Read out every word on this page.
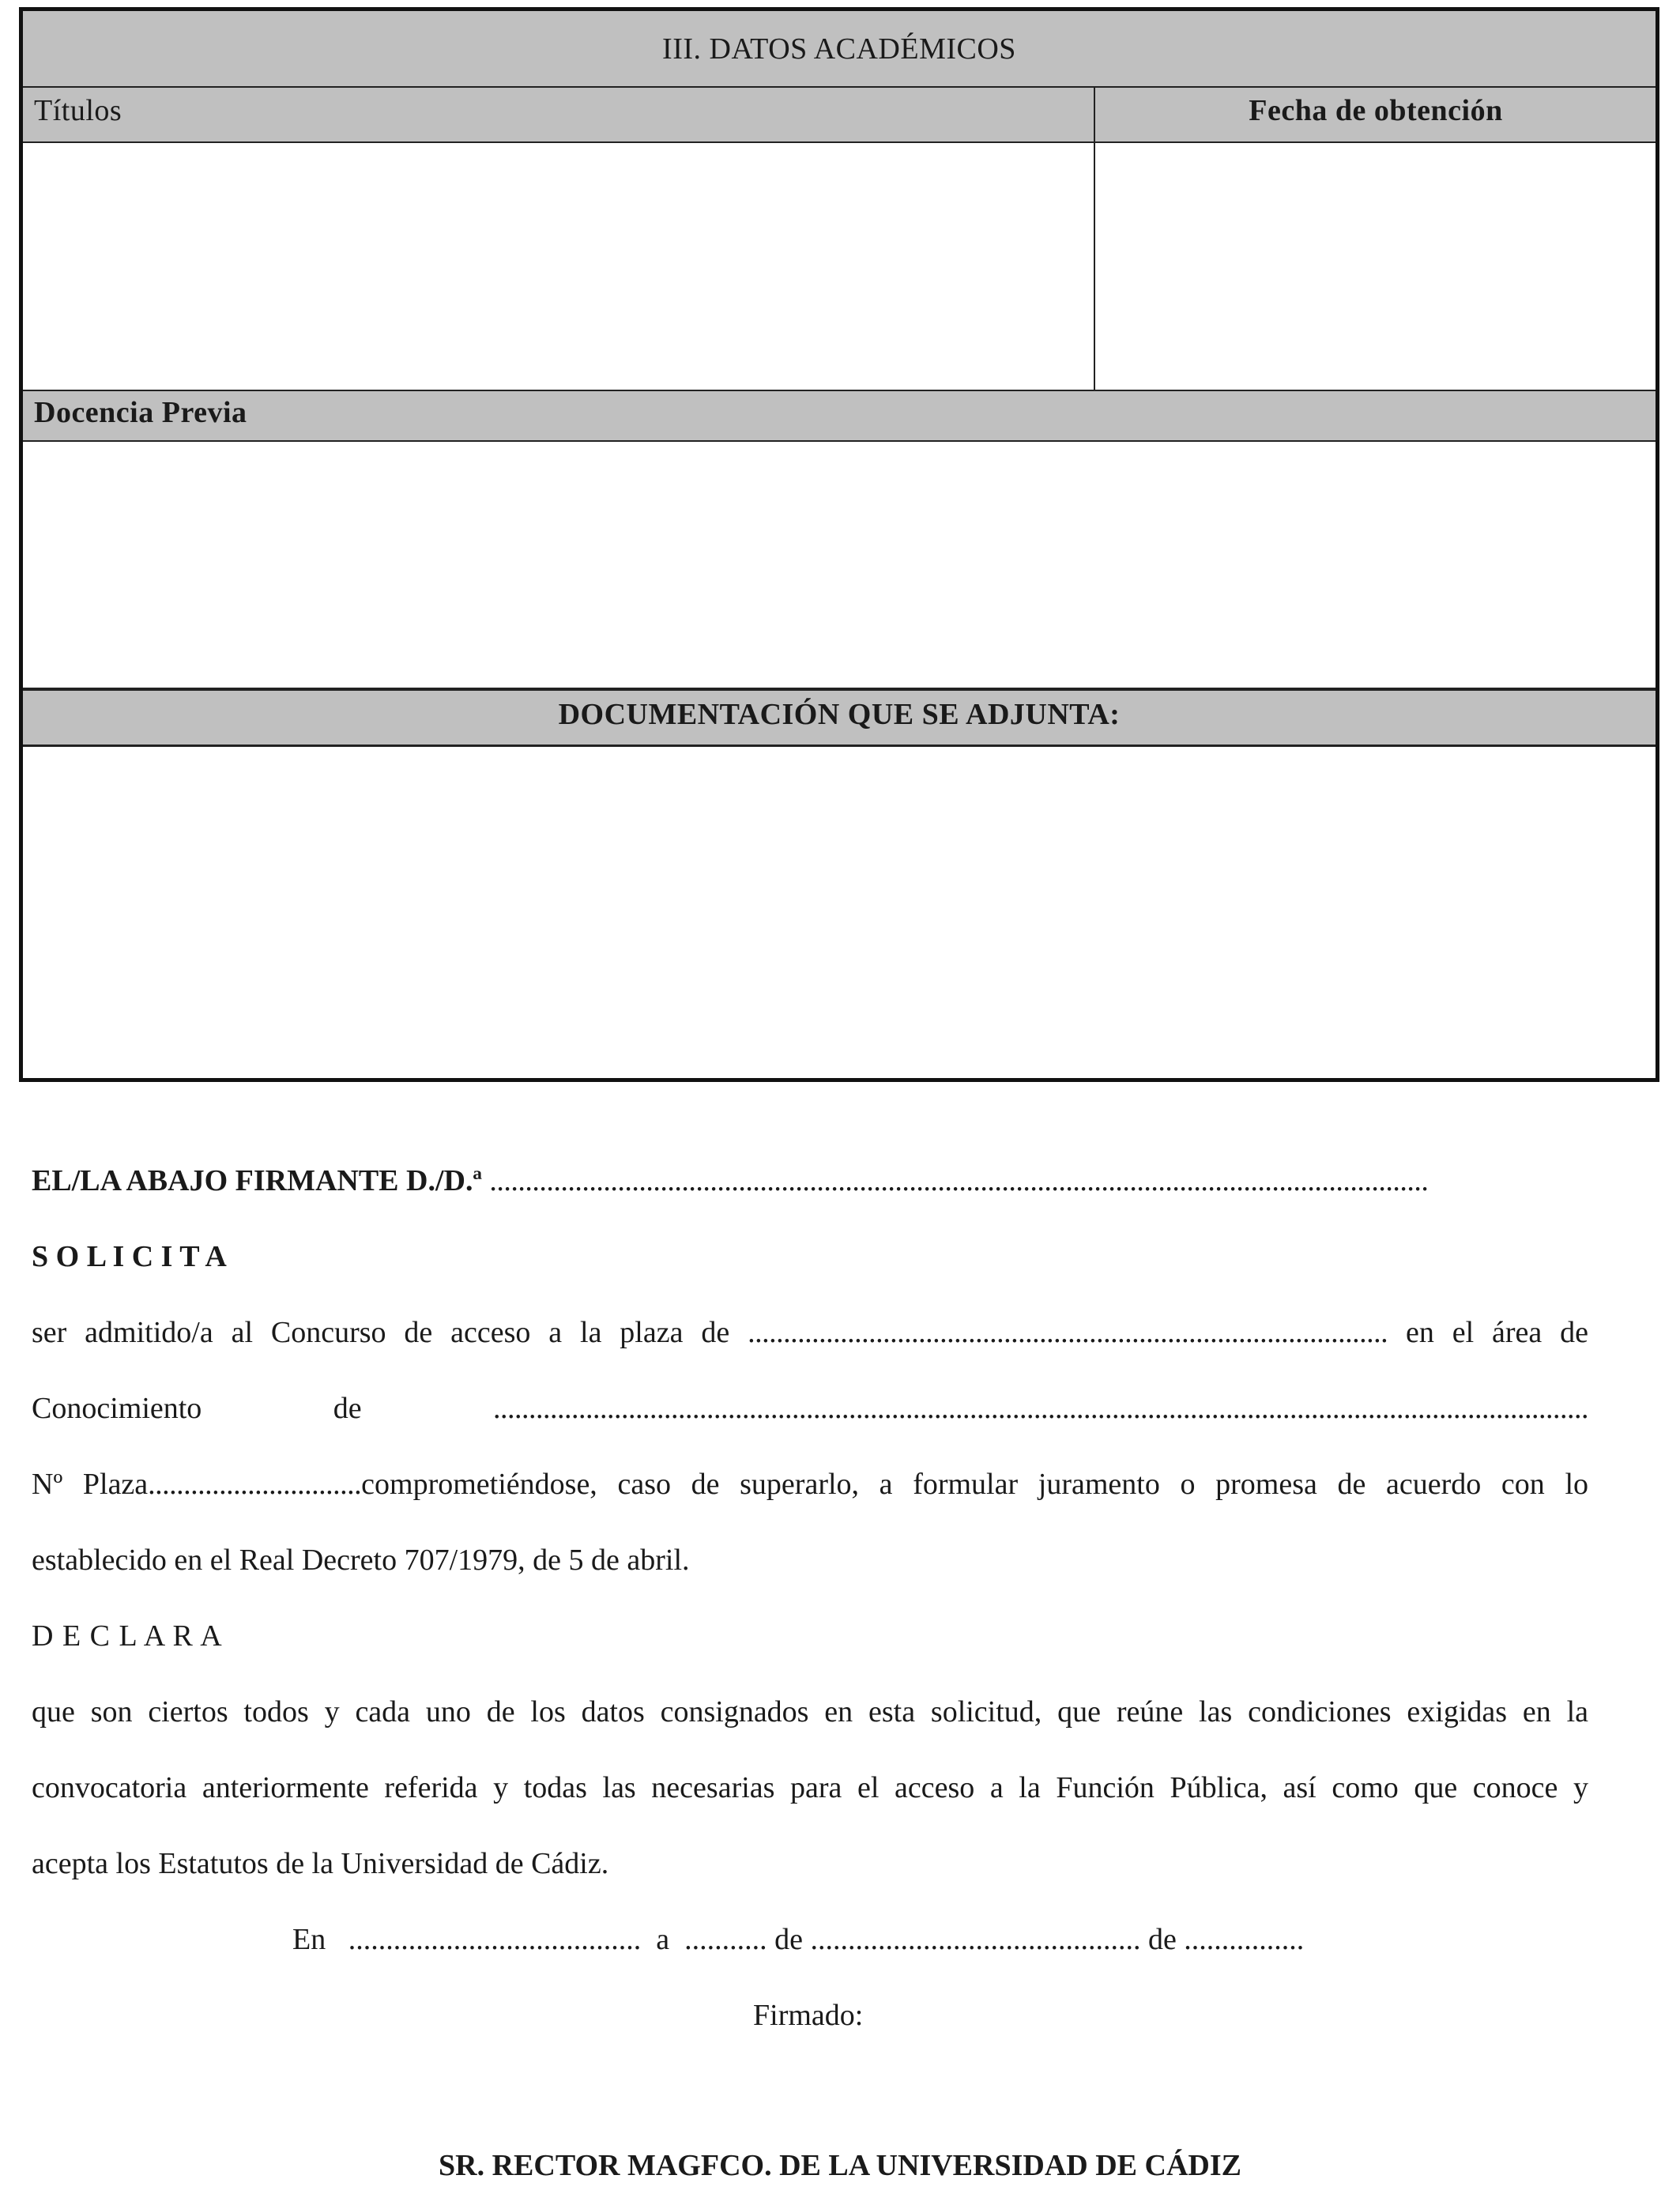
III. DATOS ACADÉMICOS
Títulos	Fecha de obtención
Docencia Previa
DOCUMENTACIÓN QUE SE ADJUNTA:
EL/LA ABAJO FIRMANTE D./D.ª ....................................................................................................................................
S O L I C I T A
ser admitido/a al Concurso de acceso a la plaza de .......................................................................................... en el área de
Conocimiento de	..........................................................................................................................................................
Nº Plaza..............................comprometiéndose, caso de superarlo, a formular juramento o promesa de acuerdo con lo
establecido en el Real Decreto 707/1979, de 5 de abril.
D E C L A R A
que son ciertos todos y cada uno de los datos consignados en esta solicitud, que reúne las condiciones exigidas en la
convocatoria anteriormente referida y todas las necesarias para el acceso a la Función Pública, así como que conoce y
acepta los Estatutos de la Universidad de Cádiz.
En   .......................................  a  ........... de ............................................ de ................
Firmado:
SR. RECTOR MAGFCO. DE LA UNIVERSIDAD DE CÁDIZ
